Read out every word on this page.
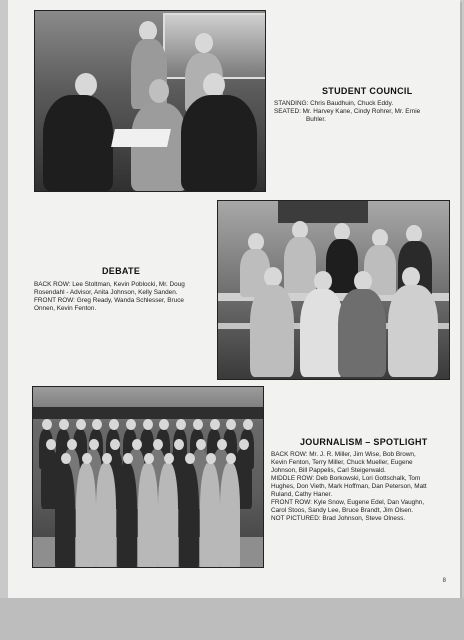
STUDENT COUNCIL
STANDING: Chris Baudhuin, Chuck Eddy.
SEATED: Mr. Harvey Kane, Cindy Rohrer, Mr. Ernie
Buhler.
DEBATE
BACK ROW: Lee Stoltman, Kevin Poblocki, Mr. Doug
Rosendahl - Advisor, Anita Johnson, Kelly Sanden.
FRONT ROW: Greg Ready, Wanda Schlesser, Bruce
Onnen, Kevin Fenton.
JOURNALISM – SPOTLIGHT
BACK ROW: Mr. J. R. Miller, Jim Wise, Bob Brown,
Kevin Fenton, Terry Miller, Chuck Mueller, Eugene
Johnson, Bill Pappelis, Carl Steigerwald.
MIDDLE ROW: Deb Borkowski, Lori Gottschalk, Tom
Hughes, Don Vieth, Mark Hoffman, Dan Peterson, Matt
Ruland, Cathy Haner.
FRONT ROW: Kyle Snow, Eugene Edel, Dan Vaughn,
Carol Stoos, Sandy Lee, Bruce Brandt, Jim Olsen.
NOT PICTURED: Brad Johnson, Steve Olness.
8
